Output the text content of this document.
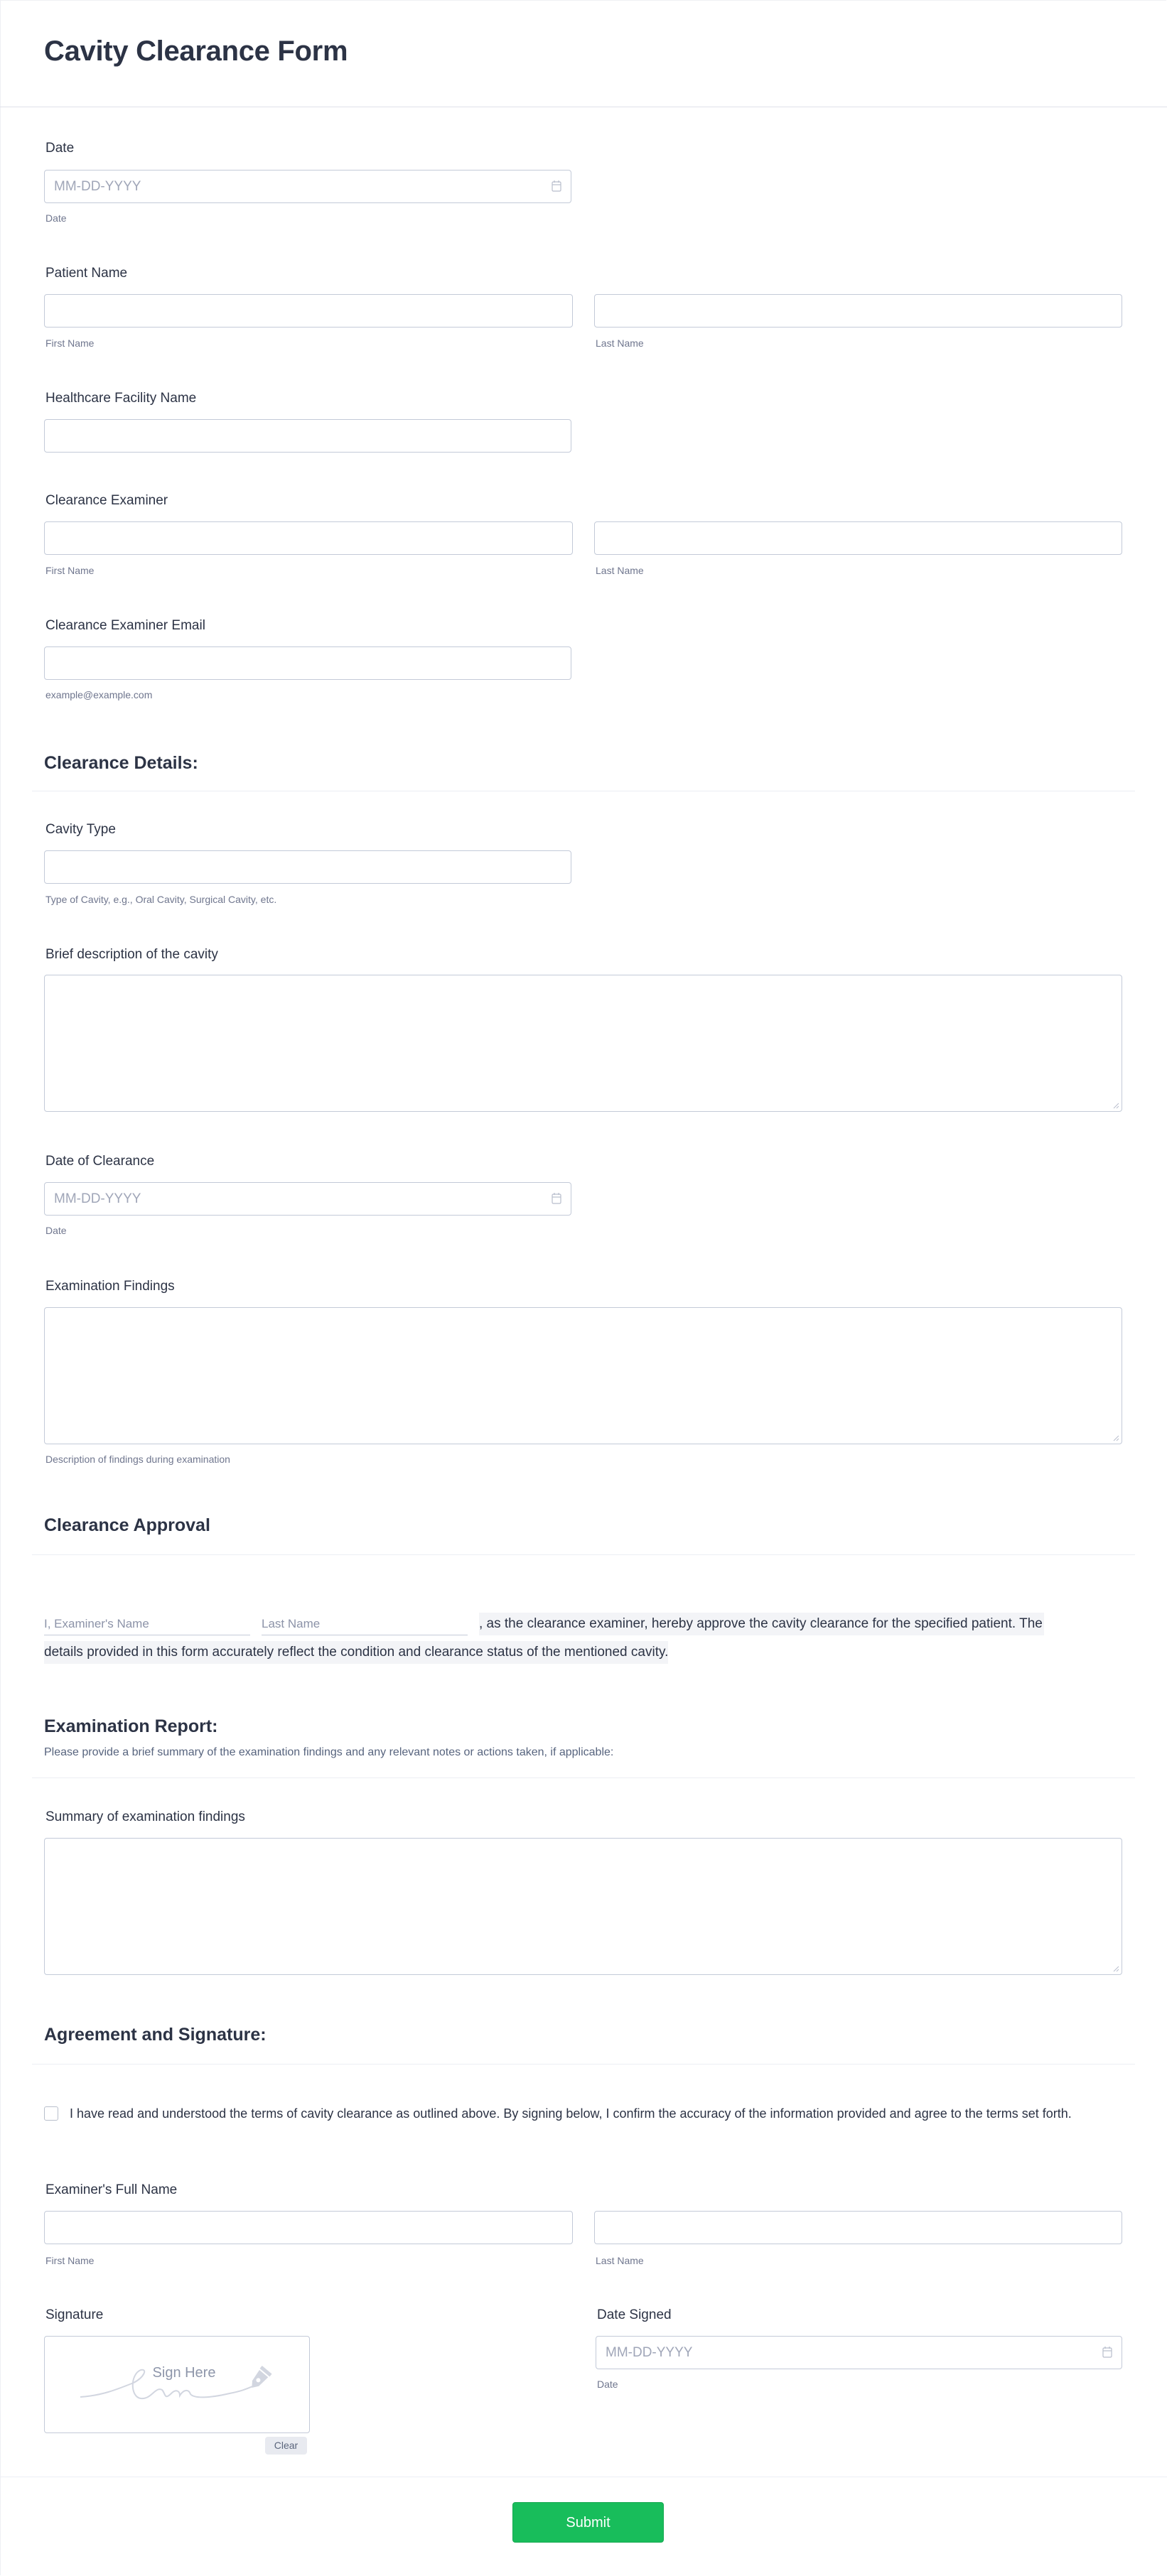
Cavity Clearance Form
Date
MM-DD-YYYY
Date
Patient Name
First Name	Last Name
Healthcare Facility Name
Clearance Examiner
First Name	Last Name
Clearance Examiner Email
example@example.com
Clearance Details:
Cavity Type
Type of Cavity, e.g., Oral Cavity, Surgical Cavity, etc.
Brief description of the cavity
Date of Clearance
MM-DD-YYYY
Date
Examination Findings
Description of findings during examination
Clearance Approval
I, Examiner's Name	Last Name	, as the clearance examiner, hereby approve the cavity clearance for the specified patient. The
details provided in this form accurately reflect the condition and clearance status of the mentioned cavity.
Examination Report:
Please provide a brief summary of the examination findings and any relevant notes or actions taken, if applicable:
Summary of examination findings
Agreement and Signature:
I have read and understood the terms of cavity clearance as outlined above. By signing below, I confirm the accuracy of the information provided and agree to the terms set forth.
Examiner's Full Name
First Name	Last Name
Signature
Sign Here
Clear
Date Signed
MM-DD-YYYY
Date
Submit
